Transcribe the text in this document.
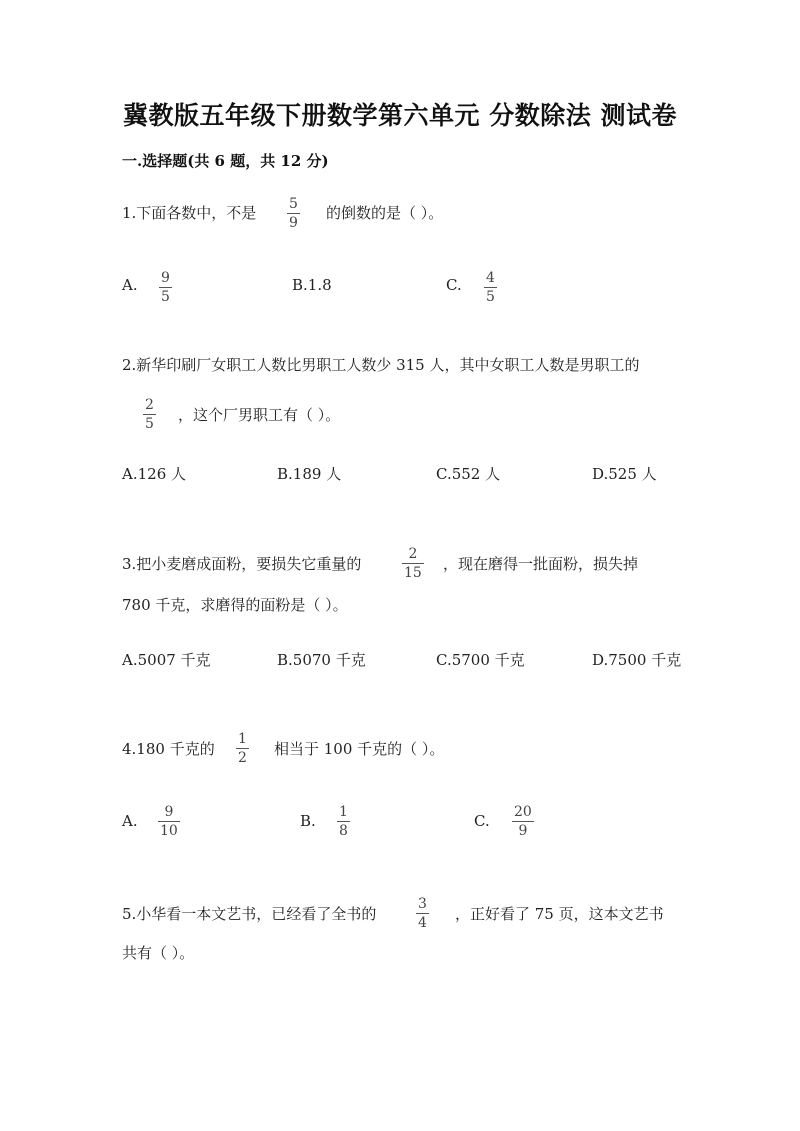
冀教版五年级下册数学第六单元 分数除法 测试卷
一.选择题(共 6 题，共 12 分)
1.下面各数中，不是 5
9
的倒数的是（ ）。
A. 9
5
B.1.8	C. 4
5
2.新华印刷厂女职工人数比男职工人数少 315 人，其中女职工人数是男职工的
2
5 ，这个厂男职工有（ ）。
A.126 人	B.189 人	C.552 人	D.525 人
3.把小麦磨成面粉，要损失它重量的
2
15 ，现在磨得一批面粉，损失掉
780 千克，求磨得的面粉是（ ）。
A.5007 千克	B.5070 千克	C.5700 千克	D.7500 千克
4.180 千克的
1
2 相当于 100 千克的（ ）。
A. 9
10
B. 1
8
C. 20
9
5.小华看一本文艺书，已经看了全书的
3
4 ，正好看了 75 页，这本文艺书
共有（ ）。
